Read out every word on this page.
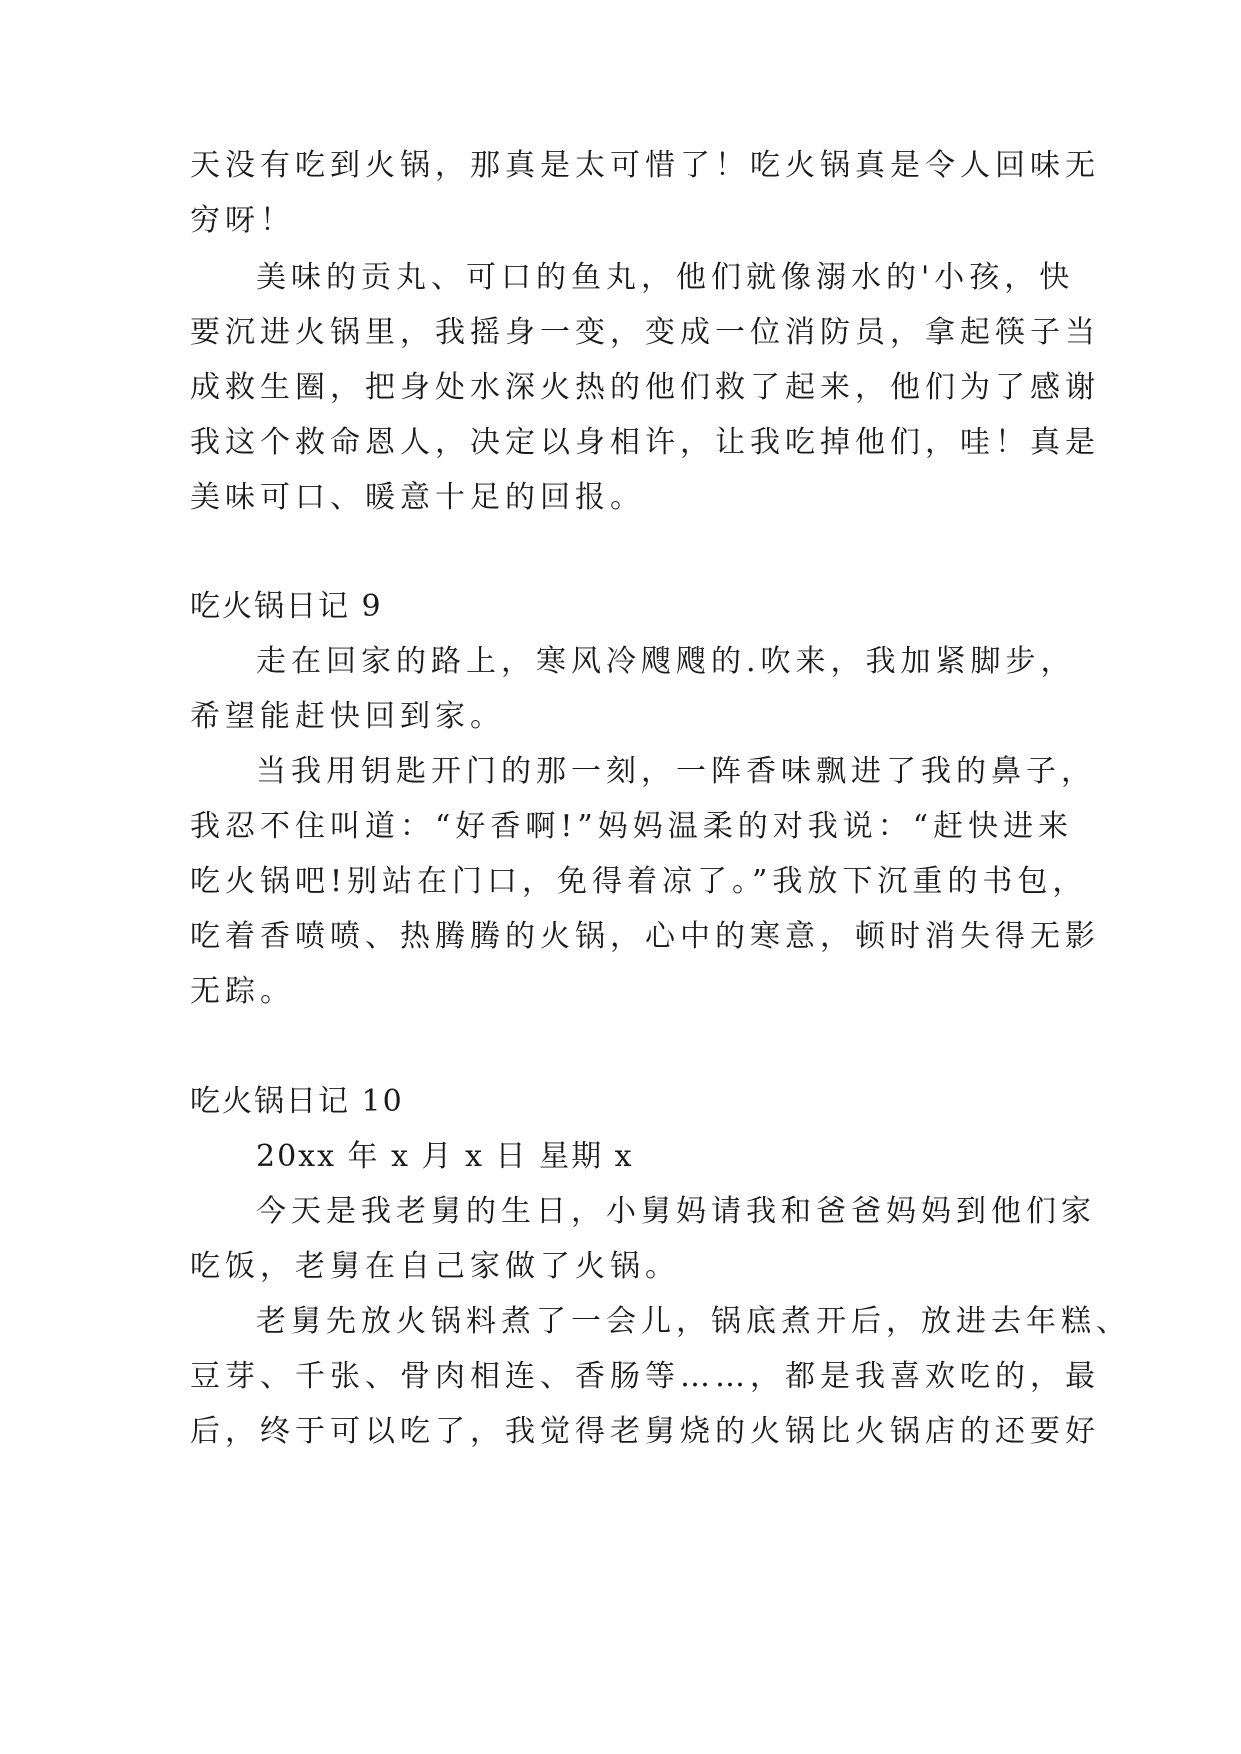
天没有吃到火锅，那真是太可惜了！吃火锅真是令人回味无
穷呀！
美味的贡丸、可口的鱼丸，他们就像溺水的'小孩，快
要沉进火锅里，我摇身一变，变成一位消防员，拿起筷子当
成救生圈，把身处水深火热的他们救了起来，他们为了感谢
我这个救命恩人，决定以身相许，让我吃掉他们，哇！真是
美味可口、暖意十足的回报。
吃火锅日记 9
走在回家的路上，寒风冷飕飕的.吹来，我加紧脚步，
希望能赶快回到家。
当我用钥匙开门的那一刻，一阵香味飘进了我的鼻子，
我忍不住叫道：“好香啊!”妈妈温柔的对我说：“赶快进来
吃火锅吧!别站在门口，免得着凉了。”我放下沉重的书包，
吃着香喷喷、热腾腾的火锅，心中的寒意，顿时消失得无影
无踪。
吃火锅日记 10
20xx 年 x 月 x 日 星期 x
今天是我老舅的生日，小舅妈请我和爸爸妈妈到他们家
吃饭，老舅在自己家做了火锅。
老舅先放火锅料煮了一会儿，锅底煮开后，放进去年糕、
豆芽、千张、骨肉相连、香肠等……，都是我喜欢吃的，最
后，终于可以吃了，我觉得老舅烧的火锅比火锅店的还要好
